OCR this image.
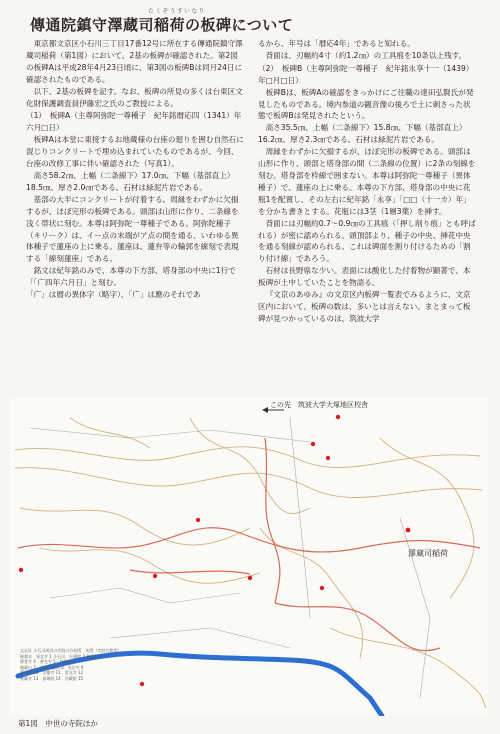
たくぞうすいなり
傳通院鎮守澤蔵司稲荷の板碑について

東京都文京区小石川三丁目17番12号に所在する傳通院鎮守澤蔵司稲荷（第1図）において、2基の板碑が確認された。第2図の板碑Aは平成28年4月23日頃に、第3図の板碑Bは同月24日に確認されたものである。

以下、2基の板碑を記す。なお、板碑の所見の多くは台東区文化財保護調査員伊藤宏之氏のご教授による。

（1）　板碑A（主尊阿弥陀一尊種子　紀年銘暦応四（1341）年六月□日）

板碑Aは本堂に東接するお地蔵様の台座の廻りを囲む自然石に混じりコンクリートで埋め込まれていたものであるが、今回、台座の改修工事に伴い確認された（写真1）。

高さ58.2㎝、上幅（二条線下）17.0㎝、下幅（基部直上）18.5㎝、厚さ2.0㎝である。石材は緑泥片岩である。

基部の大半にコンクリートが付着する。周縁をわずかに欠損するが、ほぼ完形の板碑である。頭部は山形に作り、二条線を浅く帯状に刻む。本尊は阿弥陀一尊種子である。阿弥陀種子（キリーク）は、イー点の末端がア点の間を通る、いわゆる異体種子で蓮座の上に乗る。蓮座は、蓮弁等の輪郭を線刻で表現する「線刻蓮座」である。

銘文は紀年銘のみで、本尊の下方部、塔身部の中央に1行で「「广四年六月日」と刻む。

「广」は暦の異体字（略字）、「广」は應のそれであ

るから、年号は「暦応4年」であると知れる。

背面は、刃幅約4寸（約1.2㎝）の工具痕を10条以上残す。

（2）　板碑B（主尊阿弥陀一尊種子　紀年銘永享十一（1439）年□月□日）

板碑Bは、板碑Aの確認をきっかけにご住職の達田弘賢氏が発見したものである。境内参道の観音像の後ろで土に刺さった状態で板碑Bは発見されたという。

高さ35.5㎝、上幅（二条線下）15.8㎝、下幅（基部直上）16.2㎝、厚さ2.3㎝である。石材は緑泥片岩である。

周縁をわずかに欠損するが、ほぼ完形の板碑である。頭部は山形に作り、頭部と塔身部の間（二条線の位置）に2条の刻線を刻む。塔身部を枠線で囲まない。本尊は阿弥陀一尊種子（異体種子）で、蓮座の上に乗る。本尊の下方部、塔身部の中央に花瓶1を配置し、その左右に紀年銘「永享」「□□（十一カ）年」を分かち書きとする。花瓶には3茎（1層3葉）を挿す。

背面には刃幅約0.7〜0.9㎝の工具痕（「押し削り痕」とも呼ばれる）が密に認められる。頭頂部より、種子の中央、挿花中央を通る刻線が認められる。これは碑面を割り付けるための「割り付け線」であろう。

石材は長野県な少い。表面には酸化した付着物が顕著で、本板碑が土中していたことを物語る。

『文京のあゆみ』の文京区内板碑一覧表でみるように、文京区内において、板碑の数は、多いとは言えない。まとまって板碑が見つかっているのは、筑波大学

この先　筑波大学大塚地区校舎
澤蔵司稲荷
文京区 小石川周辺の寺院の分布図　凡例（寺院名称等）
極楽水　専念寺 1 小石川　伝通院 2 慈照院 3
源覚寺 4　善光寺 5　福聚院 6
無量山 7　澤蔵司稲荷 8　光岳寺 9
傳通院 10　宗慶寺 11　常光寺 12
善雄寺 13　真珠院 14　法蔵院 15
第1図　中世の寺院ほか
